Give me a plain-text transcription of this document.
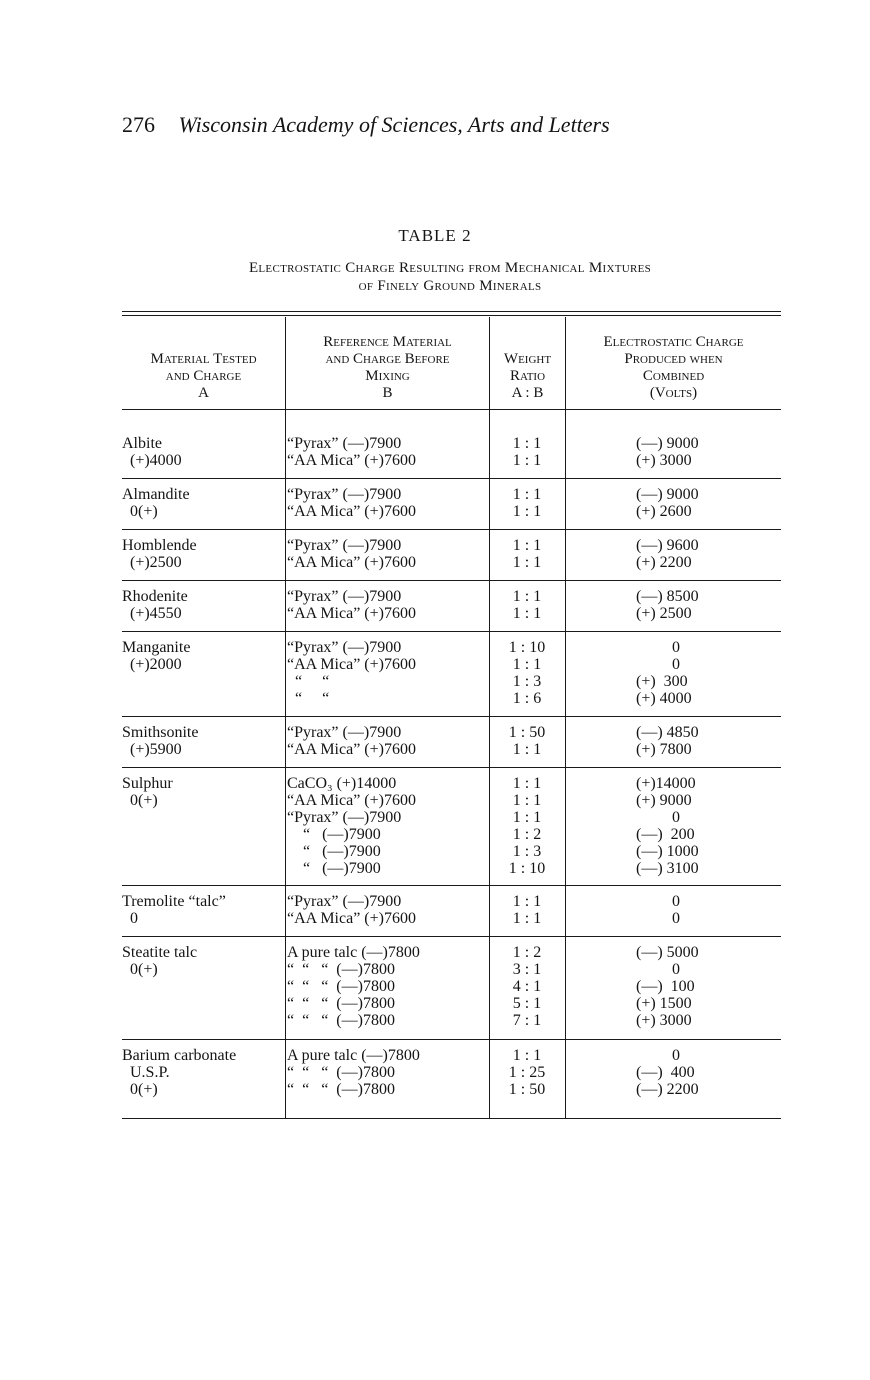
276 Wisconsin Academy of Sciences, Arts and Letters
TABLE 2
Electrostatic Charge Resulting from Mechanical Mixtures
of Finely Ground Minerals
Material Tested
and Charge
A
Reference Material
and Charge Before
Mixing
B
Weight
Ratio
A : B
Electrostatic Charge
Produced when
Combined
(Volts)
Albite
(+)4000
“Pyrax” (—)7900
“AA Mica” (+)7600
1 : 1
1 : 1
(—) 9000
(+) 3000
Almandite
0(+)
“Pyrax” (—)7900
“AA Mica” (+)7600
1 : 1
1 : 1
(—) 9000
(+) 2600
Homblende
(+)2500
“Pyrax” (—)7900
“AA Mica” (+)7600
1 : 1
1 : 1
(—) 9600
(+) 2200
Rhodenite
(+)4550
“Pyrax” (—)7900
“AA Mica” (+)7600
1 : 1
1 : 1
(—) 8500
(+) 2500
Manganite
(+)2000
“Pyrax” (—)7900
“AA Mica” (+)7600
“     “
“     “
1 : 10
1 : 1
1 : 3
1 : 6
0
0
(+)  300
(+) 4000
Smithsonite
(+)5900
“Pyrax” (—)7900
“AA Mica” (+)7600
1 : 50
1 : 1
(—) 4850
(+) 7800
Sulphur
0(+)
CaCO₃ (+)14000
“AA Mica” (+)7600
“Pyrax” (—)7900
“   (—)7900
“   (—)7900
“   (—)7900
1 : 1
1 : 1
1 : 1
1 : 2
1 : 3
1 : 10
(+)14000
(+) 9000
0
(—)  200
(—) 1000
(—) 3100
Tremolite “talc”
0
“Pyrax” (—)7900
“AA Mica” (+)7600
1 : 1
1 : 1
0
0
Steatite talc
0(+)
A pure talc (—)7800
“  “   “  (—)7800
“  “   “  (—)7800
“  “   “  (—)7800
“  “   “  (—)7800
1 : 2
3 : 1
4 : 1
5 : 1
7 : 1
(—) 5000
0
(—)  100
(+) 1500
(+) 3000
Barium carbonate
U.S.P.
0(+)
A pure talc (—)7800
“  “   “  (—)7800
“  “   “  (—)7800
1 : 1
1 : 25
1 : 50
0
(—)  400
(—) 2200
